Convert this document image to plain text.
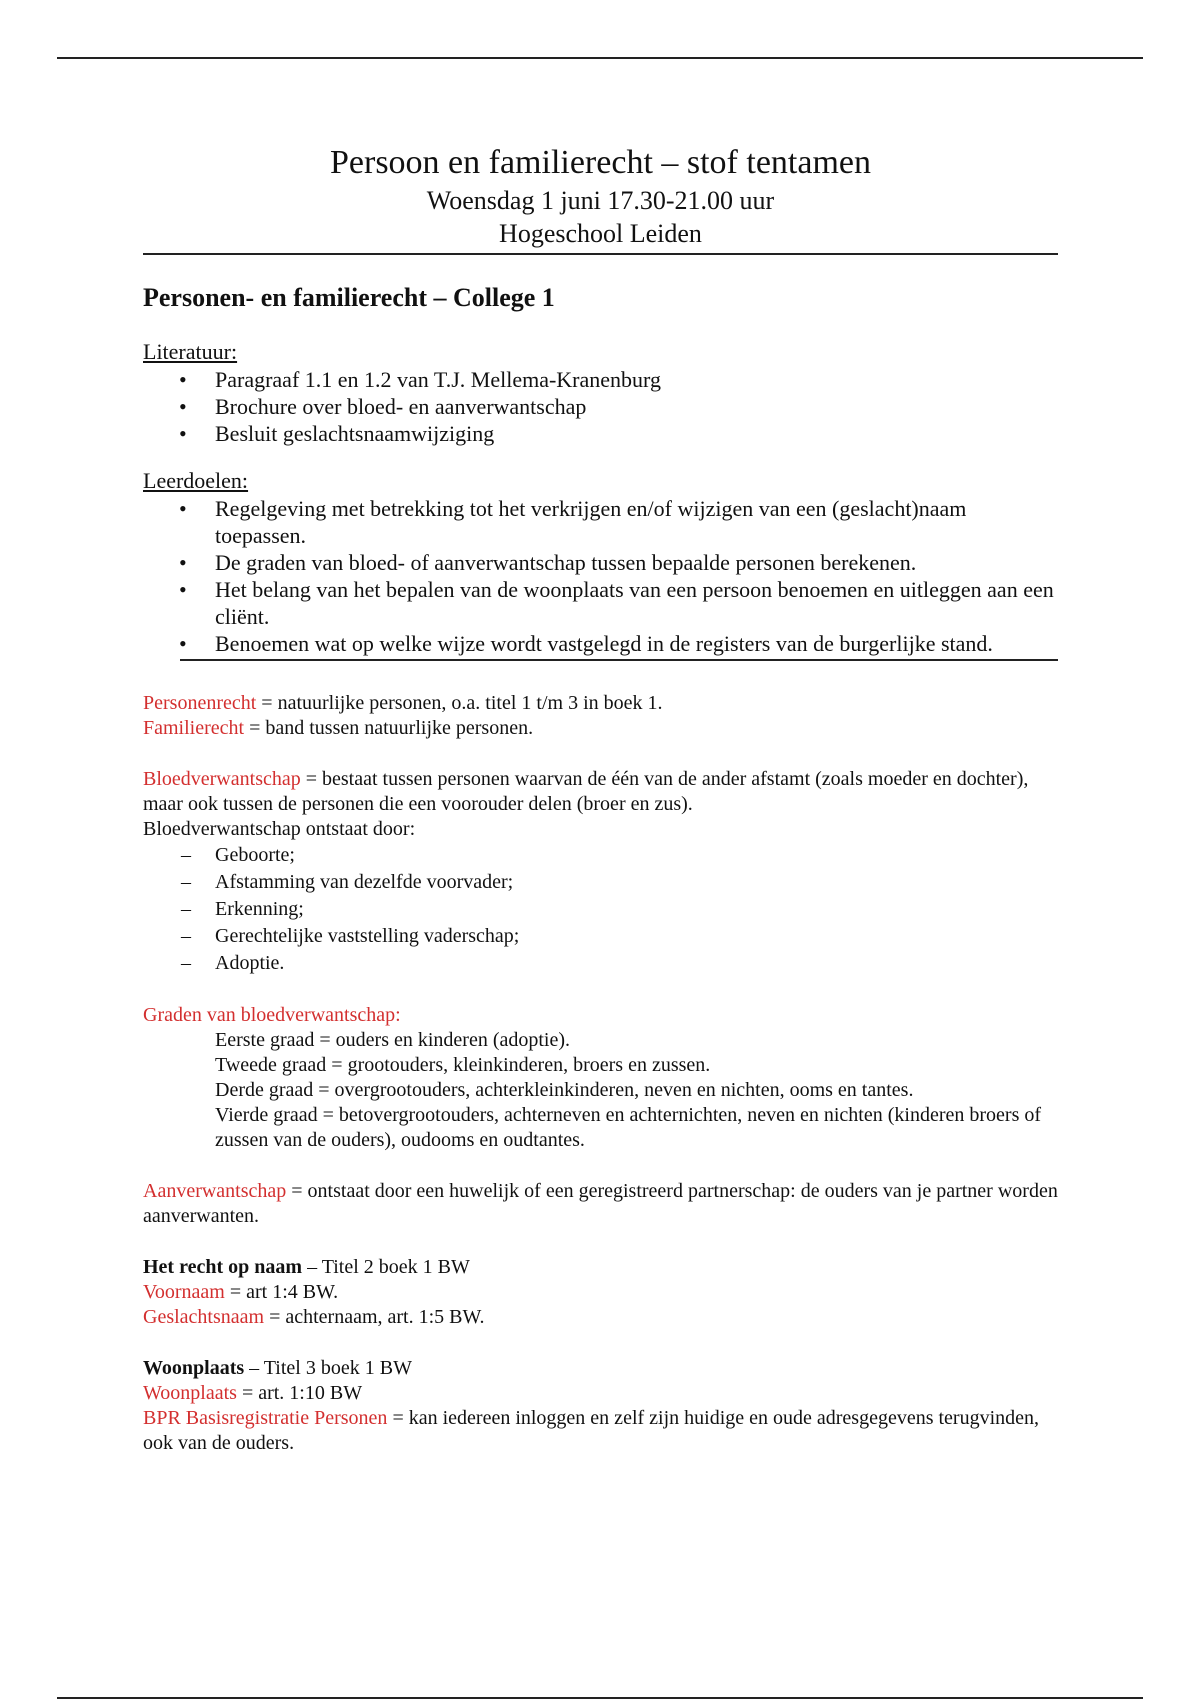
Persoon en familierecht – stof tentamen
Woensdag 1 juni 17.30-21.00 uur
Hogeschool Leiden
Personen- en familierecht – College 1
Literatuur:
• Paragraaf 1.1 en 1.2 van T.J. Mellema-Kranenburg
• Brochure over bloed- en aanverwantschap
• Besluit geslachtsnaamwijziging
Leerdoelen:
• Regelgeving met betrekking tot het verkrijgen en/of wijzigen van een (geslacht)naam toepassen.
• De graden van bloed- of aanverwantschap tussen bepaalde personen berekenen.
• Het belang van het bepalen van de woonplaats van een persoon benoemen en uitleggen aan een cliënt.
• Benoemen wat op welke wijze wordt vastgelegd in de registers van de burgerlijke stand.

Personenrecht = natuurlijke personen, o.a. titel 1 t/m 3 in boek 1.

Familierecht = band tussen natuurlijke personen.

Bloedverwantschap = bestaat tussen personen waarvan de één van de ander afstamt (zoals moeder en dochter), maar ook tussen de personen die een voorouder delen (broer en zus).

Bloedverwantschap ontstaat door:

– Geboorte;
– Afstamming van dezelfde voorvader;
– Erkenning;
– Gerechtelijke vaststelling vaderschap;
– Adoptie.

Graden van bloedverwantschap:

Eerste graad = ouders en kinderen (adoptie).

Tweede graad = grootouders, kleinkinderen, broers en zussen.

Derde graad = overgrootouders, achterkleinkinderen, neven en nichten, ooms en tantes.

Vierde graad = betovergrootouders, achterneven en achternichten, neven en nichten (kinderen broers of zussen van de ouders), oudooms en oudtantes.

Aanverwantschap = ontstaat door een huwelijk of een geregistreerd partnerschap: de ouders van je partner worden aanverwanten.

Het recht op naam – Titel 2 boek 1 BW

Voornaam = art 1:4 BW.

Geslachtsnaam = achternaam, art. 1:5 BW.

Woonplaats – Titel 3 boek 1 BW

Woonplaats = art. 1:10 BW

BPR Basisregistratie Personen = kan iedereen inloggen en zelf zijn huidige en oude adresgegevens terugvinden, ook van de ouders.
